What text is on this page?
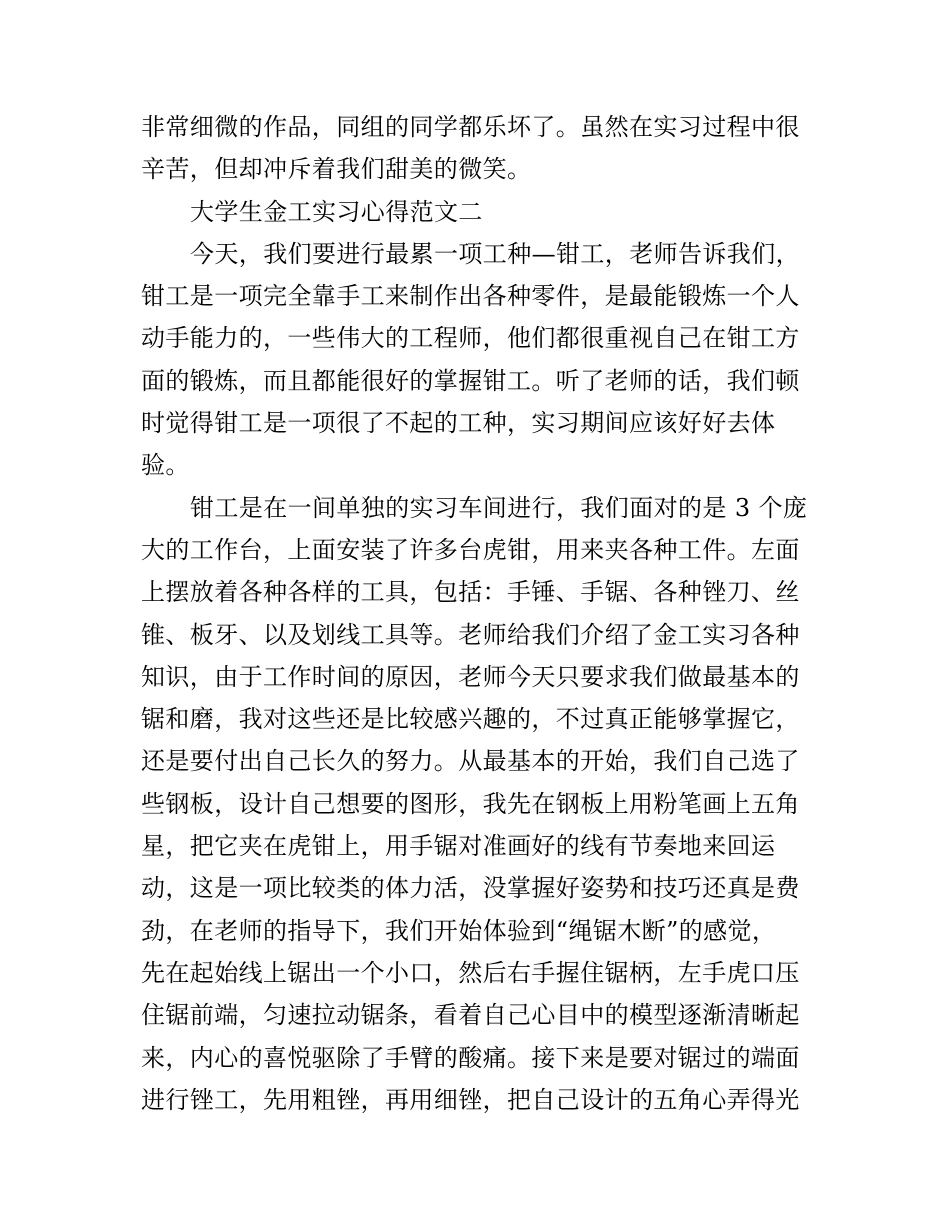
非常细微的作品，同组的同学都乐坏了。虽然在实习过程中很
辛苦，但却冲斥着我们甜美的微笑。
大学生金工实习心得范文二
今天，我们要进行最累一项工种—钳工，老师告诉我们，
钳工是一项完全靠手工来制作出各种零件，是最能锻炼一个人
动手能力的，一些伟大的工程师，他们都很重视自己在钳工方
面的锻炼，而且都能很好的掌握钳工。听了老师的话，我们顿
时觉得钳工是一项很了不起的工种，实习期间应该好好去体
验。
钳工是在一间单独的实习车间进行，我们面对的是 3 个庞
大的工作台，上面安装了许多台虎钳，用来夹各种工件。左面
上摆放着各种各样的工具，包括：手锤、手锯、各种锉刀、丝
锥、板牙、以及划线工具等。老师给我们介绍了金工实习各种
知识，由于工作时间的原因，老师今天只要求我们做最基本的
锯和磨，我对这些还是比较感兴趣的，不过真正能够掌握它，
还是要付出自己长久的努力。从最基本的开始，我们自己选了
些钢板，设计自己想要的图形，我先在钢板上用粉笔画上五角
星，把它夹在虎钳上，用手锯对准画好的线有节奏地来回运
动，这是一项比较类的体力活，没掌握好姿势和技巧还真是费
劲，在老师的指导下，我们开始体验到“绳锯木断”的感觉，
先在起始线上锯出一个小口，然后右手握住锯柄，左手虎口压
住锯前端，匀速拉动锯条，看着自己心目中的模型逐渐清晰起
来，内心的喜悦驱除了手臂的酸痛。接下来是要对锯过的端面
进行锉工，先用粗锉，再用细锉，把自己设计的五角心弄得光
